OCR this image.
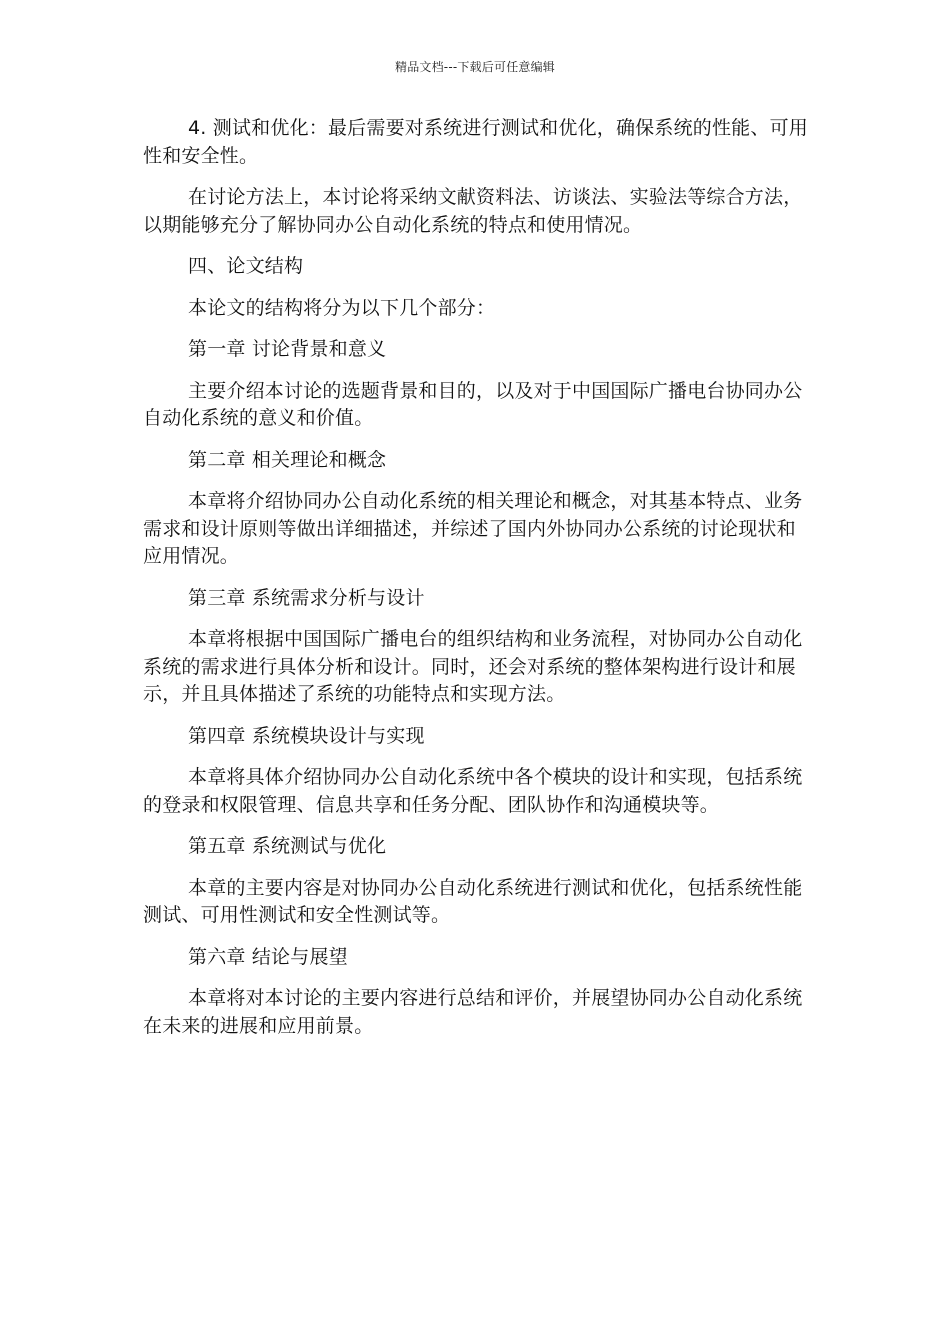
精品文档---下载后可任意编辑

4. 测试和优化：最后需要对系统进行测试和优化，确保系统的性能、可用性和安全性。

在讨论方法上，本讨论将采纳文献资料法、访谈法、实验法等综合方法，以期能够充分了解协同办公自动化系统的特点和使用情况。

四、论文结构

本论文的结构将分为以下几个部分：

第一章 讨论背景和意义

主要介绍本讨论的选题背景和目的，以及对于中国国际广播电台协同办公自动化系统的意义和价值。

第二章 相关理论和概念

本章将介绍协同办公自动化系统的相关理论和概念，对其基本特点、业务需求和设计原则等做出详细描述，并综述了国内外协同办公系统的讨论现状和应用情况。

第三章 系统需求分析与设计

本章将根据中国国际广播电台的组织结构和业务流程，对协同办公自动化系统的需求进行具体分析和设计。同时，还会对系统的整体架构进行设计和展示，并且具体描述了系统的功能特点和实现方法。

第四章 系统模块设计与实现

本章将具体介绍协同办公自动化系统中各个模块的设计和实现，包括系统的登录和权限管理、信息共享和任务分配、团队协作和沟通模块等。

第五章 系统测试与优化

本章的主要内容是对协同办公自动化系统进行测试和优化，包括系统性能测试、可用性测试和安全性测试等。

第六章 结论与展望

本章将对本讨论的主要内容进行总结和评价，并展望协同办公自动化系统在未来的进展和应用前景。
